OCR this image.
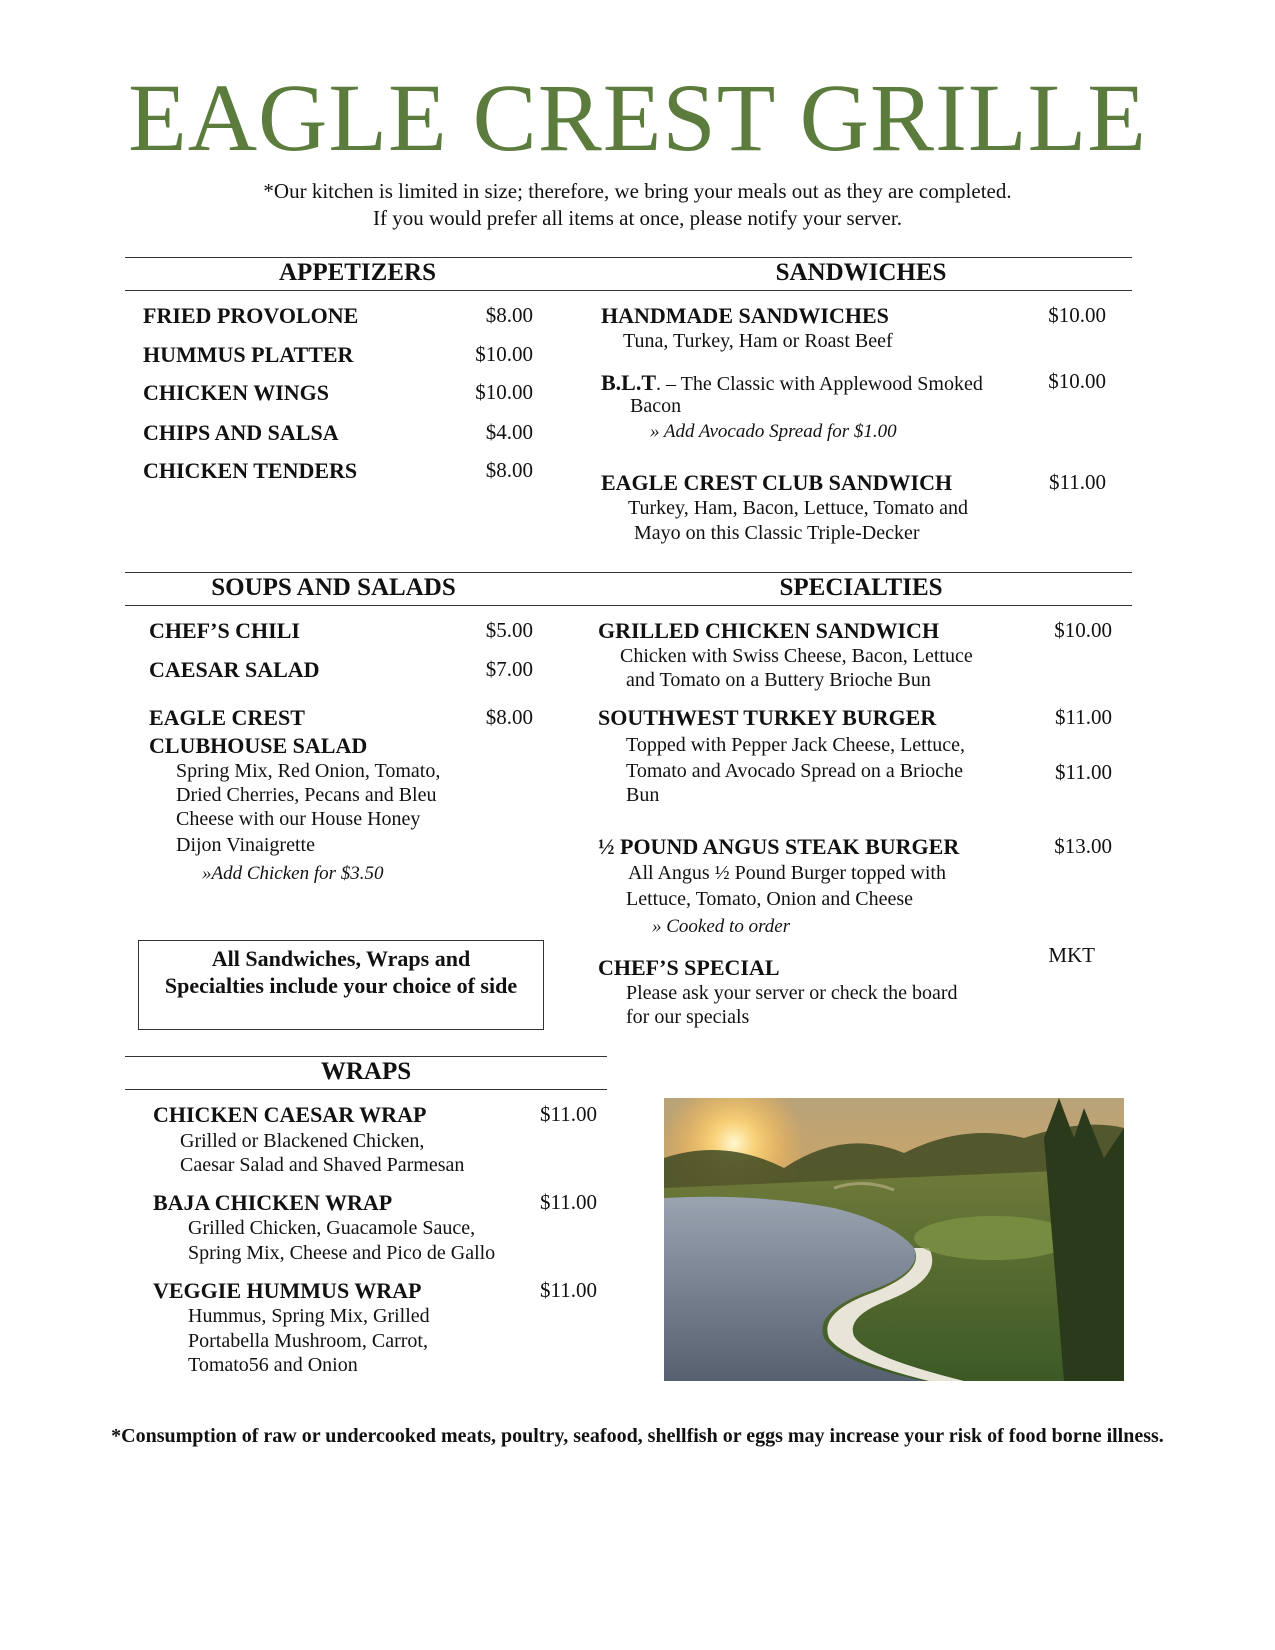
EAGLE CREST GRILLE
*Our kitchen is limited in size; therefore, we bring your meals out as they are completed.
If you would prefer all items at once, please notify your server.
APPETIZERS	SANDWICHES
FRIED PROVOLONE	$8.00
HUMMUS PLATTER	$10.00
CHICKEN WINGS	$10.00
CHIPS AND SALSA	$4.00
CHICKEN TENDERS	$8.00
HANDMADE SANDWICHES	$10.00
Tuna, Turkey, Ham or Roast Beef
B.L.T. – The Classic with Applewood Smoked	$10.00
Bacon
» Add Avocado Spread for $1.00
EAGLE CREST CLUB SANDWICH	$11.00
Turkey, Ham, Bacon, Lettuce, Tomato and
Mayo on this Classic Triple-Decker
SOUPS AND SALADS	SPECIALTIES
CHEF’S CHILI	$5.00
CAESAR SALAD	$7.00
EAGLE CREST
CLUBHOUSE SALAD
$8.00
Spring Mix, Red Onion, Tomato,
Dried Cherries, Pecans and Bleu
Cheese with our House Honey
Dijon Vinaigrette
»Add Chicken for $3.50
All Sandwiches, Wraps and
Specialties include your choice of side
GRILLED CHICKEN SANDWICH	$10.00
Chicken with Swiss Cheese, Bacon, Lettuce
and Tomato on a Buttery Brioche Bun
SOUTHWEST TURKEY BURGER	$11.00
Topped with Pepper Jack Cheese, Lettuce,
Tomato and Avocado Spread on a Brioche	$11.00
Bun
½ POUND ANGUS STEAK BURGER	$13.00
All Angus ½ Pound Burger topped with
Lettuce, Tomato, Onion and Cheese
» Cooked to order
MKT
CHEF’S SPECIAL
Please ask your server or check the board
for our specials
WRAPS
CHICKEN CAESAR WRAP	$11.00
Grilled or Blackened Chicken,
Caesar Salad and Shaved Parmesan
BAJA CHICKEN WRAP	$11.00
Grilled Chicken, Guacamole Sauce,
Spring Mix, Cheese and Pico de Gallo
VEGGIE HUMMUS WRAP	$11.00
Hummus, Spring Mix, Grilled
Portabella Mushroom, Carrot,
Tomato56 and Onion
*Consumption of raw or undercooked meats, poultry, seafood, shellfish or eggs may increase your risk of food borne illness.
